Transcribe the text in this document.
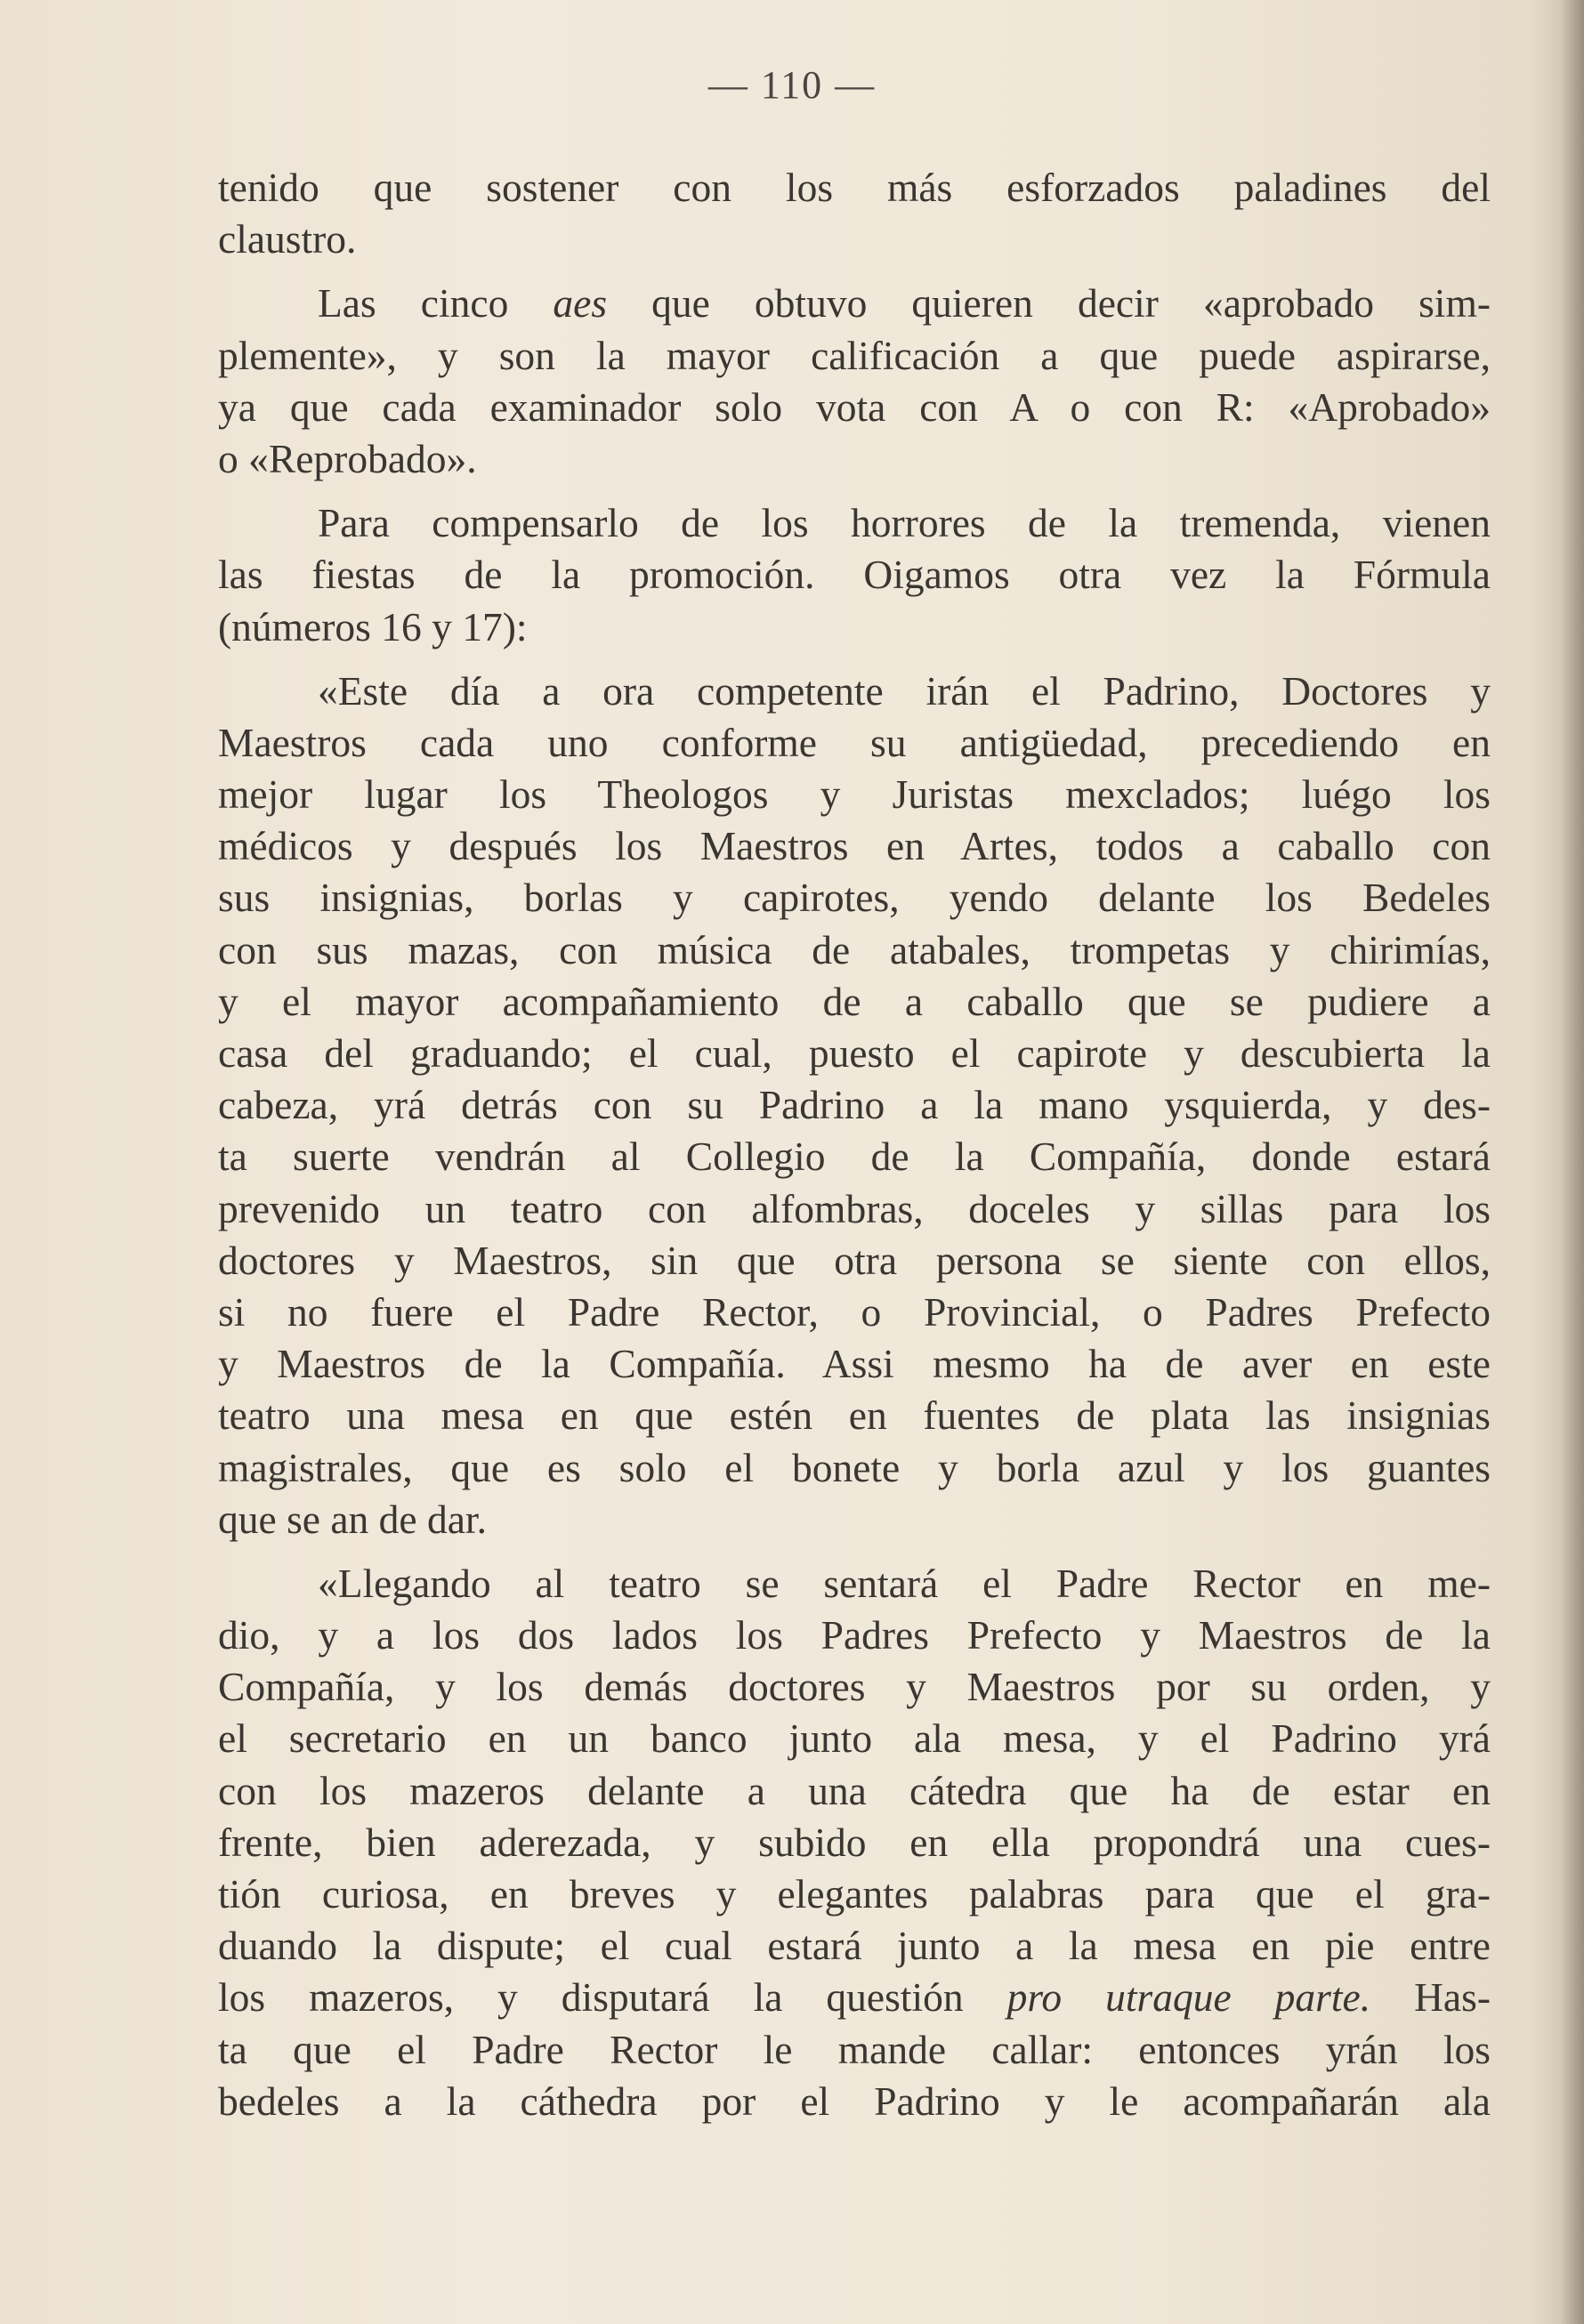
— 110 —
tenido que sostener con los más esforzados paladines del
claustro.
Las cinco aes que obtuvo quieren decir «aprobado sim-
plemente», y son la mayor calificación a que puede aspirarse,
ya que cada examinador solo vota con A o con R: «Aprobado»
o «Reprobado».
Para compensarlo de los horrores de la tremenda, vienen
las fiestas de la promoción. Oigamos otra vez la Fórmula
(números 16 y 17):
«Este día a ora competente irán el Padrino, Doctores y
Maestros cada uno conforme su antigüedad, precediendo en
mejor lugar los Theologos y Juristas mexclados; luégo los
médicos y después los Maestros en Artes, todos a caballo con
sus insignias, borlas y capirotes, yendo delante los Bedeles
con sus mazas, con música de atabales, trompetas y chirimías,
y el mayor acompañamiento de a caballo que se pudiere a
casa del graduando; el cual, puesto el capirote y descubierta la
cabeza, yrá detrás con su Padrino a la mano ysquierda, y des-
ta suerte vendrán al Collegio de la Compañía, donde estará
prevenido un teatro con alfombras, doceles y sillas para los
doctores y Maestros, sin que otra persona se siente con ellos,
si no fuere el Padre Rector, o Provincial, o Padres Prefecto
y Maestros de la Compañía. Assi mesmo ha de aver en este
teatro una mesa en que estén en fuentes de plata las insignias
magistrales, que es solo el bonete y borla azul y los guantes
que se an de dar.
«Llegando al teatro se sentará el Padre Rector en me-
dio, y a los dos lados los Padres Prefecto y Maestros de la
Compañía, y los demás doctores y Maestros por su orden, y
el secretario en un banco junto ala mesa, y el Padrino yrá
con los mazeros delante a una cátedra que ha de estar en
frente, bien aderezada, y subido en ella propondrá una cues-
tión curiosa, en breves y elegantes palabras para que el gra-
duando la dispute; el cual estará junto a la mesa en pie entre
los mazeros, y disputará la questión pro utraque parte. Has-
ta que el Padre Rector le mande callar: entonces yrán los
bedeles a la cáthedra por el Padrino y le acompañarán ala
